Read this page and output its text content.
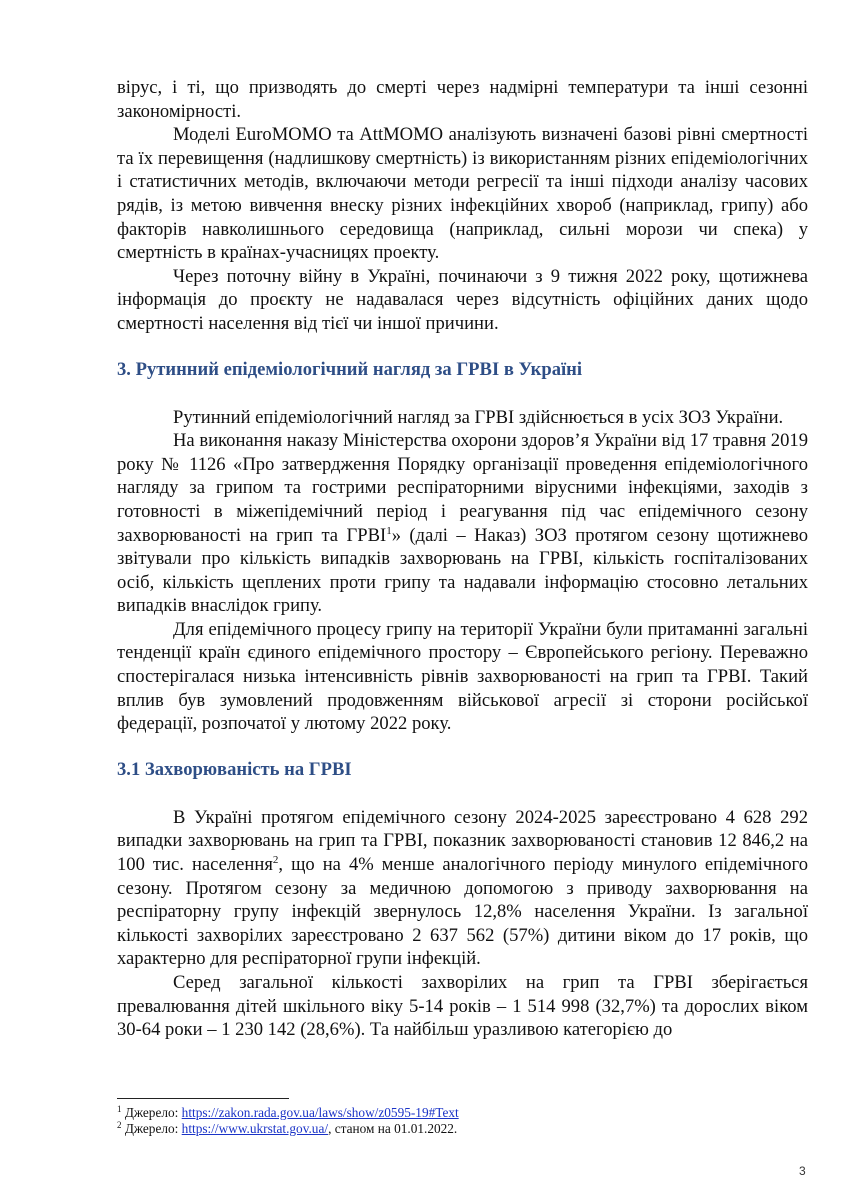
вірус, і ті, що призводять до смерті через надмірні температури та інші сезонні закономірності.

Моделі EuroMOMO та AttMOMO аналізують визначені базові рівні смертності та їх перевищення (надлишкову смертність) із використанням різних епідеміологічних і статистичних методів, включаючи методи регресії та інші підходи аналізу часових рядів, із метою вивчення внеску різних інфекційних хвороб (наприклад, грипу) або факторів навколишнього середовища (наприклад, сильні морози чи спека) у смертність в країнах-учасницях проекту.

Через поточну війну в Україні, починаючи з 9 тижня 2022 року, щотижнева інформація до проєкту не надавалася через відсутність офіційних даних щодо смертності населення від тієї чи іншої причини.

3. Рутинний епідеміологічний нагляд за ГРВІ в Україні

Рутинний епідеміологічний нагляд за ГРВІ здійснюється в усіх ЗОЗ України.

На виконання наказу Міністерства охорони здоров’я України від 17 травня 2019 року № 1126 «Про затвердження Порядку організації проведення епідеміологічного нагляду за грипом та гострими респіраторними вірусними інфекціями, заходів з готовності в міжепідемічний період і реагування під час епідемічного сезону захворюваності на грип та ГРВІ$^1$» (далі – Наказ) ЗОЗ протягом сезону щотижнево звітували про кількість випадків захворювань на ГРВІ, кількість госпіталізованих осіб, кількість щеплених проти грипу та надавали інформацію стосовно летальних випадків внаслідок грипу.

Для епідемічного процесу грипу на території України були притаманні загальні тенденції країн єдиного епідемічного простору – Європейського регіону. Переважно спостерігалася низька інтенсивність рівнів захворюваності на грип та ГРВІ. Такий вплив був зумовлений продовженням військової агресії зі сторони російської федерації, розпочатої у лютому 2022 року.

3.1 Захворюваність на ГРВІ

В Україні протягом епідемічного сезону 2024-2025 зареєстровано 4 628 292 випадки захворювань на грип та ГРВІ, показник захворюваності становив 12 846,2 на 100 тис. населення$^2$, що на 4% менше аналогічного періоду минулого епідемічного сезону. Протягом сезону за медичною допомогою з приводу захворювання на респіраторну групу інфекцій звернулось 12,8% населення України. Із загальної кількості захворілих зареєстровано 2 637 562 (57%) дитини віком до 17 років, що характерно для респіраторної групи інфекцій.

Серед загальної кількості захворілих на грип та ГРВІ зберігається превалювання дітей шкільного віку 5-14 років – 1 514 998 (32,7%) та дорослих віком 30-64 роки – 1 230 142 (28,6%). Та найбільш уразливою категорією до

$^1$ Джерело: https://zakon.rada.gov.ua/laws/show/z0595-19#Text
$^2$ Джерело: https://www.ukrstat.gov.ua/, станом на 01.01.2022.
3
